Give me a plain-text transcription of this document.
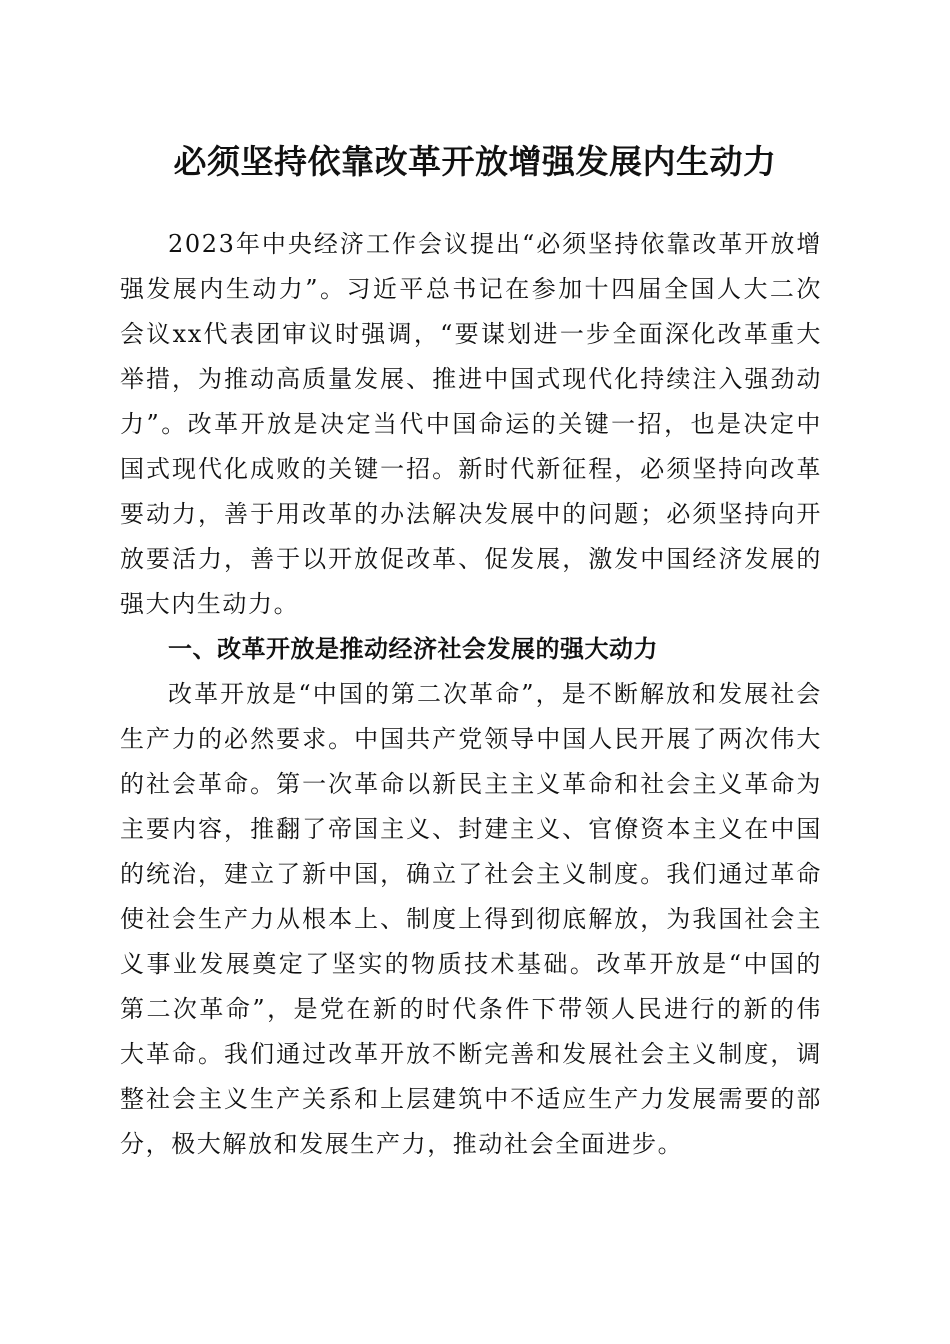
必须坚持依靠改革开放增强发展内生动力

2023年中央经济工作会议提出“必须坚持依靠改革开放增强发展内生动力”。习近平总书记在参加十四届全国人大二次会议xx代表团审议时强调，“要谋划进一步全面深化改革重大举措，为推动高质量发展、推进中国式现代化持续注入强劲动力”。改革开放是决定当代中国命运的关键一招，也是决定中国式现代化成败的关键一招。新时代新征程，必须坚持向改革要动力，善于用改革的办法解决发展中的问题；必须坚持向开放要活力，善于以开放促改革、促发展，激发中国经济发展的强大内生动力。

一、改革开放是推动经济社会发展的强大动力

改革开放是“中国的第二次革命”，是不断解放和发展社会生产力的必然要求。中国共产党领导中国人民开展了两次伟大的社会革命。第一次革命以新民主主义革命和社会主义革命为主要内容，推翻了帝国主义、封建主义、官僚资本主义在中国的统治，建立了新中国，确立了社会主义制度。我们通过革命使社会生产力从根本上、制度上得到彻底解放，为我国社会主义事业发展奠定了坚实的物质技术基础。改革开放是“中国的第二次革命”，是党在新的时代条件下带领人民进行的新的伟大革命。我们通过改革开放不断完善和发展社会主义制度，调整社会主义生产关系和上层建筑中不适应生产力发展需要的部分，极大解放和发展生产力，推动社会全面进步。
